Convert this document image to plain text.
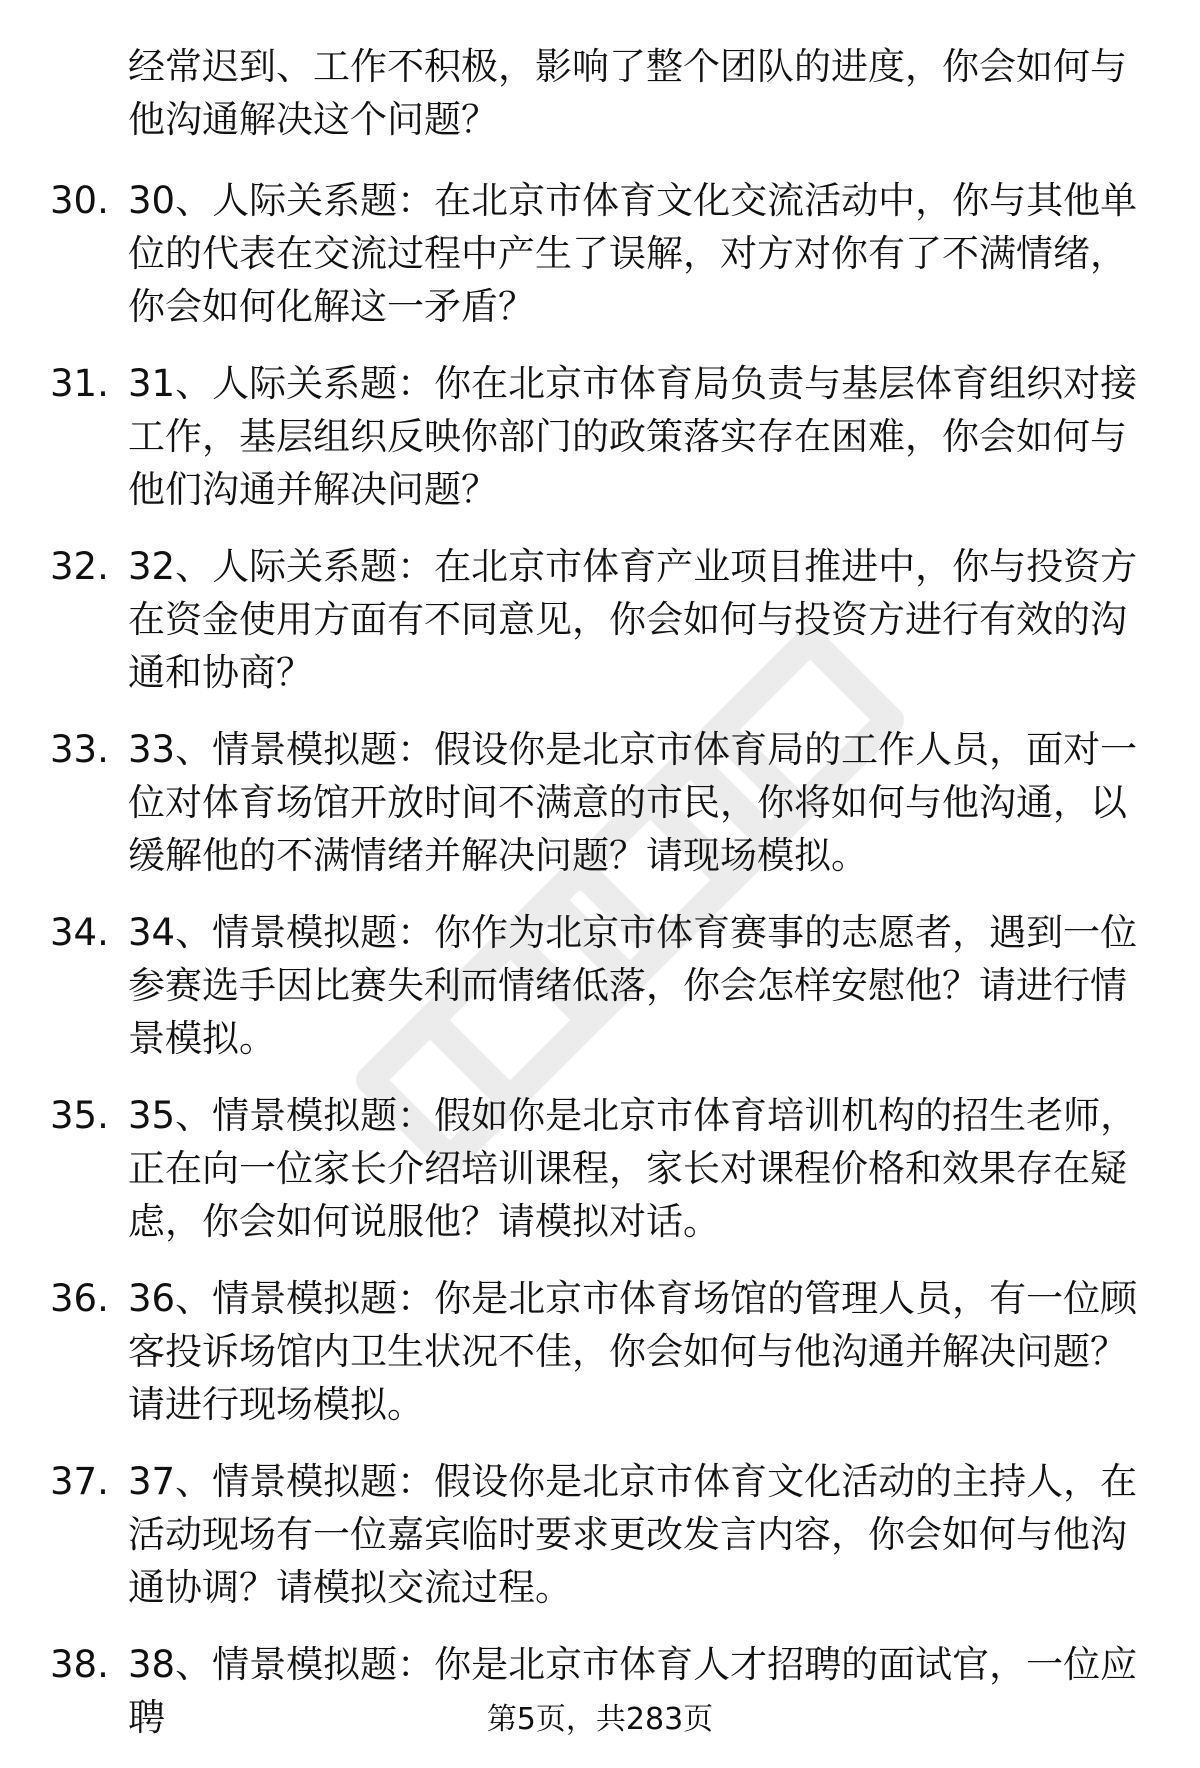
经常迟到、工作不积极，影响了整个团队的进度，你会如何与他沟通解决这个问题？
30. 30、人际关系题：在北京市体育文化交流活动中，你与其他单位的代表在交流过程中产生了误解，对方对你有了不满情绪，你会如何化解这一矛盾？
31. 31、人际关系题：你在北京市体育局负责与基层体育组织对接工作，基层组织反映你部门的政策落实存在困难，你会如何与他们沟通并解决问题？
32. 32、人际关系题：在北京市体育产业项目推进中，你与投资方在资金使用方面有不同意见，你会如何与投资方进行有效的沟通和协商？
33. 33、情景模拟题：假设你是北京市体育局的工作人员，面对一位对体育场馆开放时间不满意的市民，你将如何与他沟通，以缓解他的不满情绪并解决问题？请现场模拟。
34. 34、情景模拟题：你作为北京市体育赛事的志愿者，遇到一位参赛选手因比赛失利而情绪低落，你会怎样安慰他？请进行情景模拟。
35. 35、情景模拟题：假如你是北京市体育培训机构的招生老师，正在向一位家长介绍培训课程，家长对课程价格和效果存在疑虑，你会如何说服他？请模拟对话。
36. 36、情景模拟题：你是北京市体育场馆的管理人员，有一位顾客投诉场馆内卫生状况不佳，你会如何与他沟通并解决问题？请进行现场模拟。
37. 37、情景模拟题：假设你是北京市体育文化活动的主持人，在活动现场有一位嘉宾临时要求更改发言内容，你会如何与他沟通协调？请模拟交流过程。
38. 38、情景模拟题：你是北京市体育人才招聘的面试官，一位应聘	第5页，共283页
